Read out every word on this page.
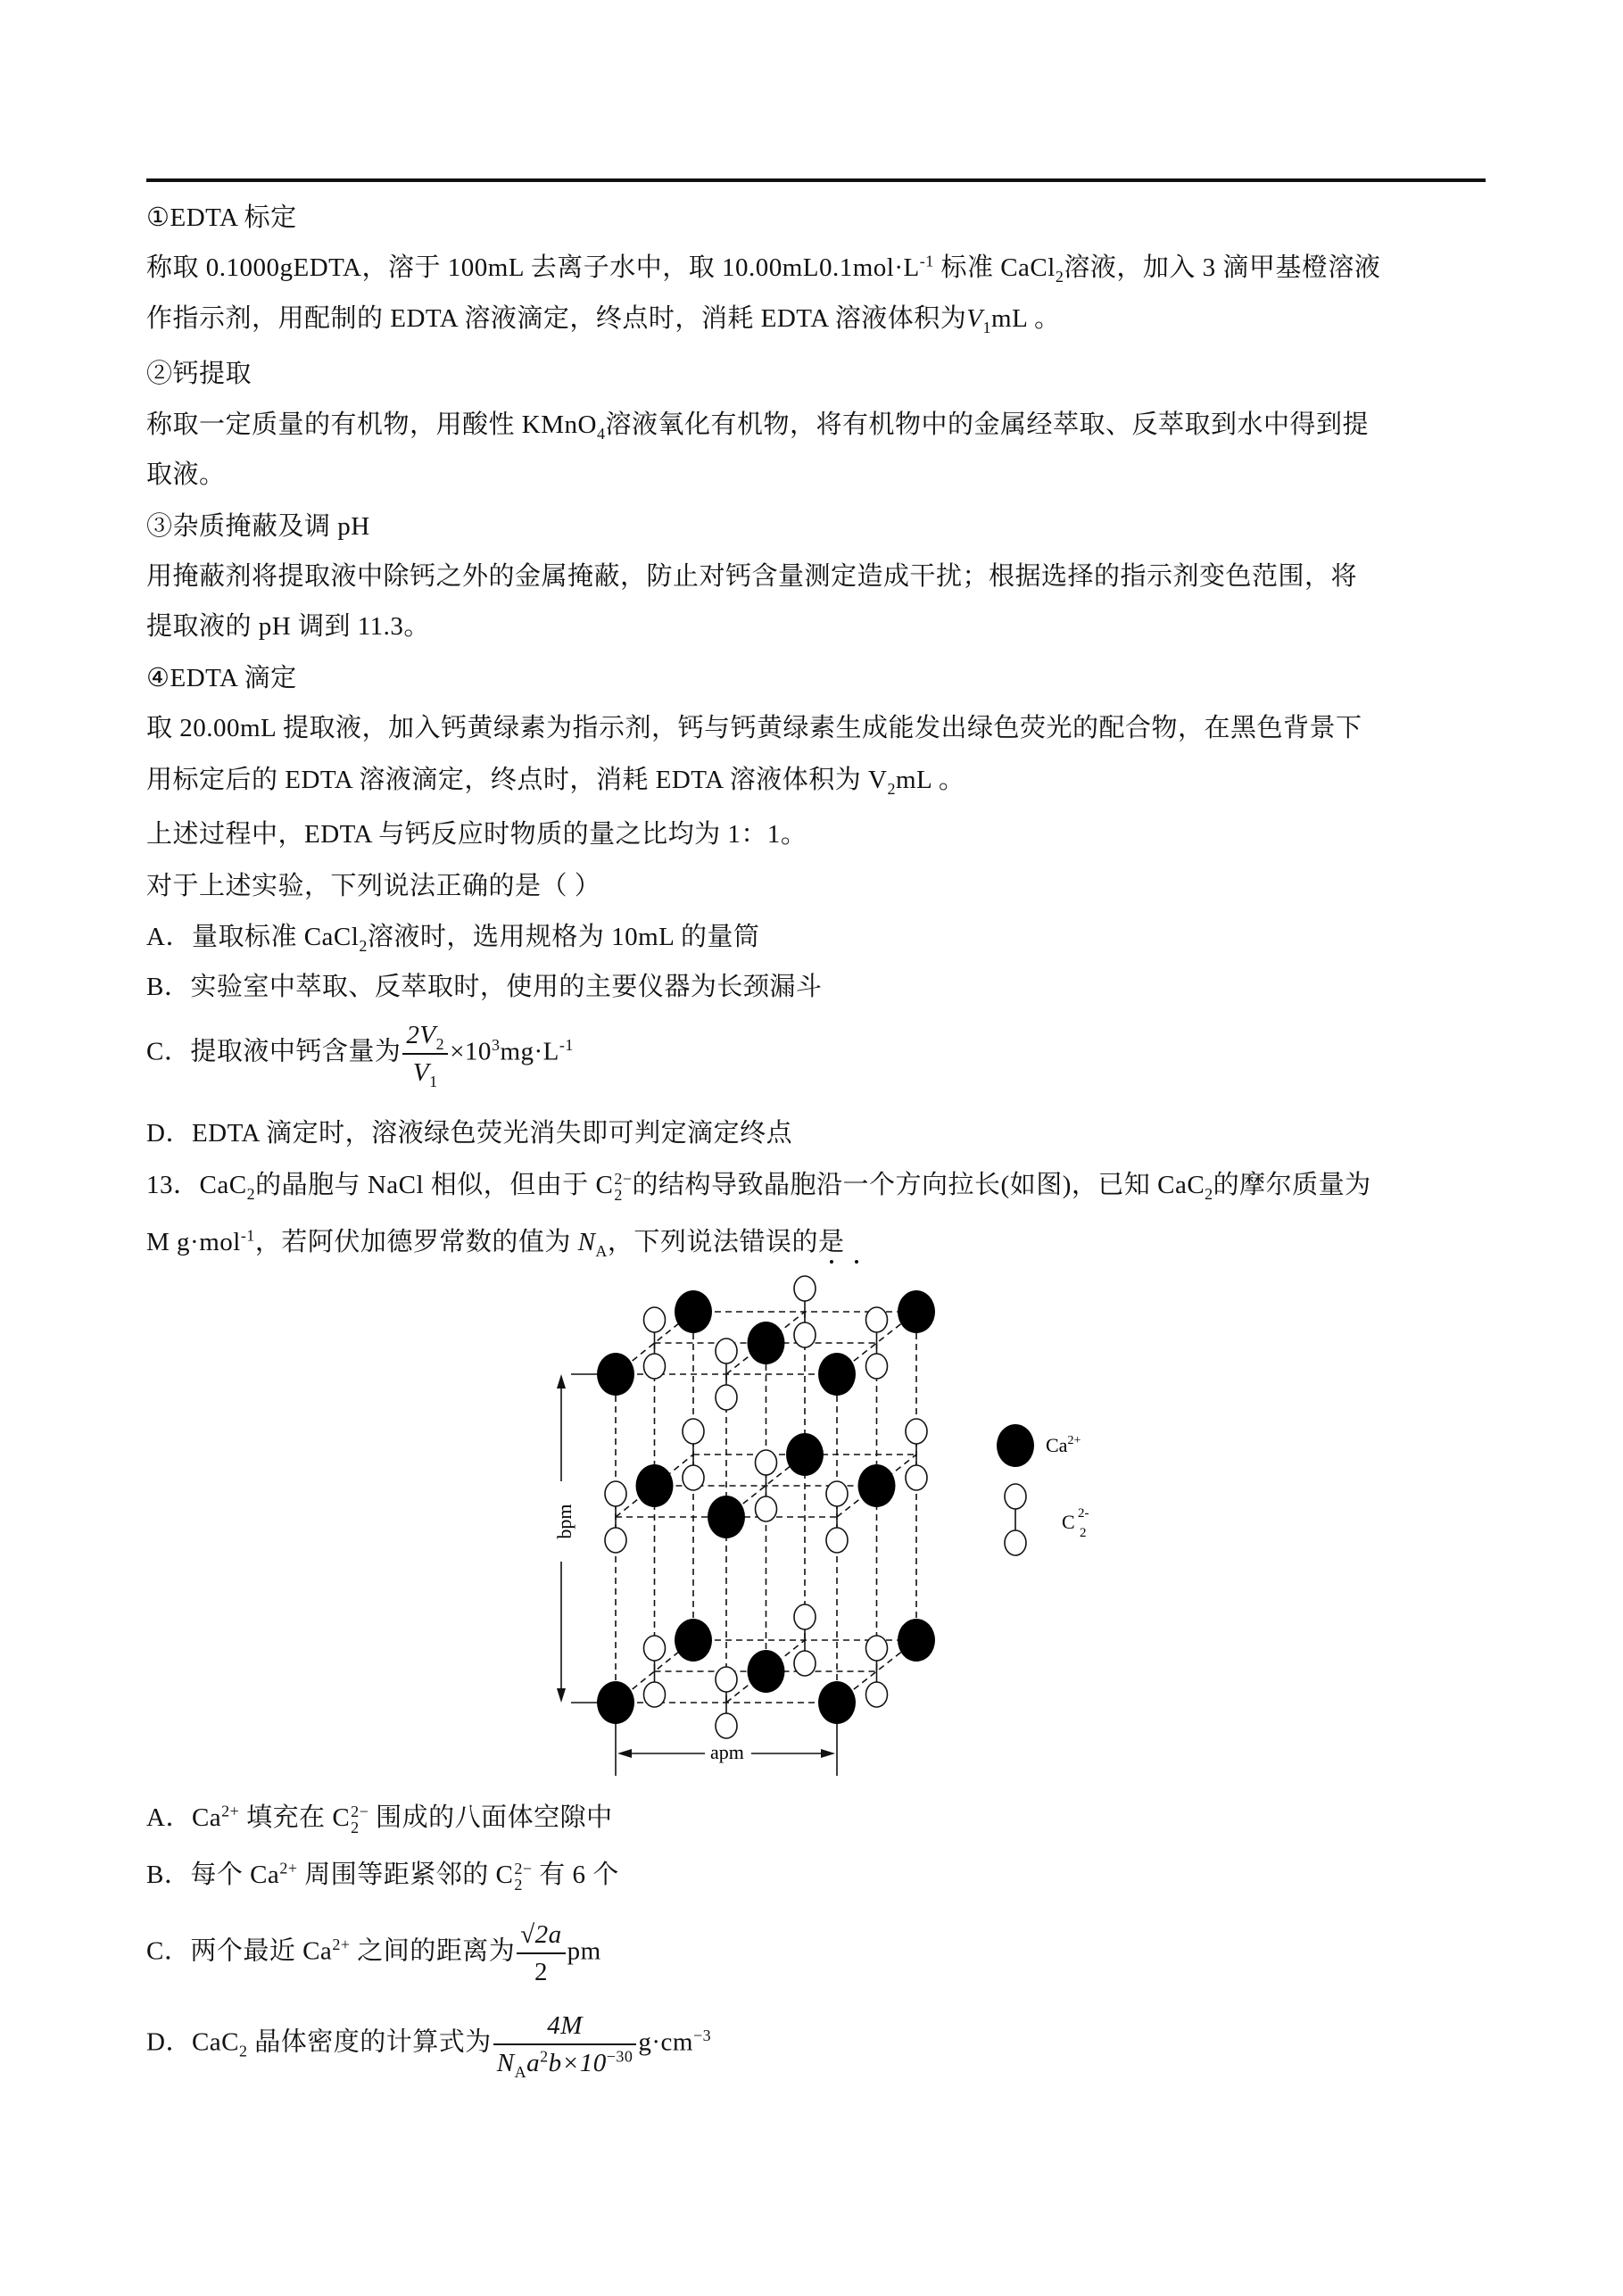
①EDTA 标定
称取 0.1000gEDTA，溶于 100mL 去离子水中，取 $10.00mL0.1mol\cdot L^{-1}$ 标准 CaCl$_2$溶液，加入 3 滴甲基橙溶液
作指示剂，用配制的 EDTA 溶液滴定，终点时，消耗 EDTA 溶液体积为$V_1mL$ 。
②钙提取
称取一定质量的有机物，用酸性 KMnO$_4$溶液氧化有机物，将有机物中的金属经萃取、反萃取到水中得到提
取液。
③杂质掩蔽及调 pH
用掩蔽剂将提取液中除钙之外的金属掩蔽，防止对钙含量测定造成干扰；根据选择的指示剂变色范围，将
提取液的 pH 调到 11.3。
④EDTA 滴定
取 20.00mL 提取液，加入钙黄绿素为指示剂，钙与钙黄绿素生成能发出绿色荧光的配合物，在黑色背景下
用标定后的 EDTA 溶液滴定，终点时，消耗 EDTA 溶液体积为 $V_2mL$ 。
上述过程中，EDTA 与钙反应时物质的量之比均为 1：1。
对于上述实验，下列说法正确的是（ ）
A．量取标准 CaCl$_2$溶液时，选用规格为 10mL 的量筒
B．实验室中萃取、反萃取时，使用的主要仪器为长颈漏斗
C．提取液中钙含量为 $\frac{2V_2}{V_1} \times 10^3mg\cdot L^{-1}$
D．EDTA 滴定时，溶液绿色荧光消失即可判定滴定终点
13．CaC$_2$的晶胞与 NaCl 相似，但由于 C 2−
2 的结构导致晶胞沿一个方向拉长(如图)，已知 CaC$_2$的摩尔质量为
M g·mol$^{-1}$，若阿伏加德罗常数的值为 $N_A$，下列说法错误的是
bpm
apm
$Ca^{2+}$
C 2-
2
A．$Ca^{2+}$ 填充在 C 2−
2 围成的八面体空隙中
B．每个 $Ca^{2+}$ 周围等距紧邻的 C 2−
2 有 6 个
C．两个最近 $Ca^{2+}$ 之间的距离为 $\frac{√2a}{2}$ pm
D．CaC$_2$ 晶体密度的计算式为 $\frac{4M}{N_Aa^2b\times 10^{-30}} g\cdot cm^{-3}$
